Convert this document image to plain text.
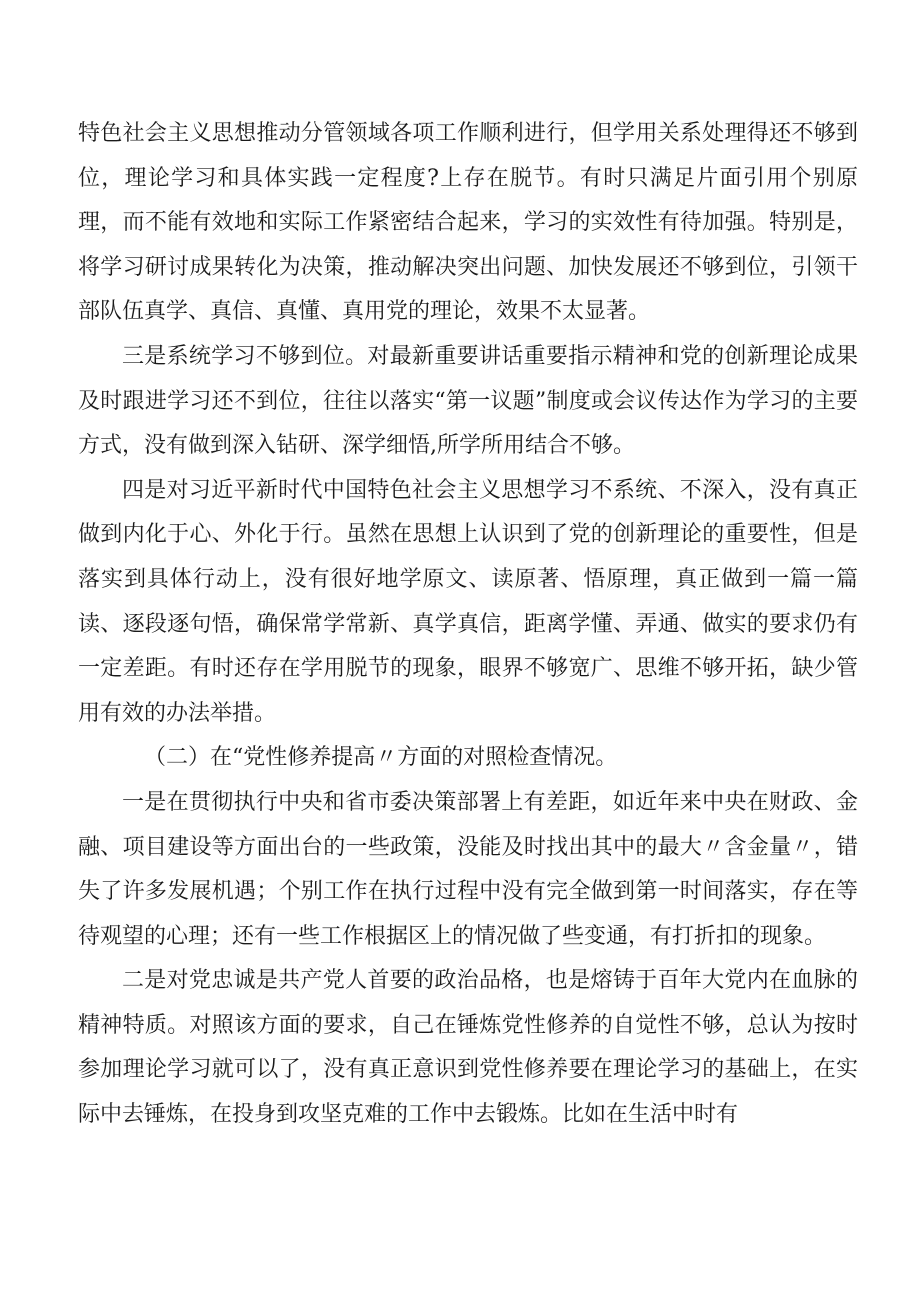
特色社会主义思想推动分管领域各项工作顺利进行，但学用关系处理得还不够到位，理论学习和具体实践一定程度?上存在脱节。有时只满足片面引用个别原理，而不能有效地和实际工作紧密结合起来，学习的实效性有待加强。特别是，将学习研讨成果转化为决策，推动解决突出问题、加快发展还不够到位，引领干部队伍真学、真信、真懂、真用党的理论，效果不太显著。

三是系统学习不够到位。对最新重要讲话重要指示精神和党的创新理论成果及时跟进学习还不到位，往往以落实“第一议题”制度或会议传达作为学习的主要方式，没有做到深入钻研、深学细悟,所学所用结合不够。

四是对习近平新时代中国特色社会主义思想学习不系统、不深入，没有真正做到内化于心、外化于行。虽然在思想上认识到了党的创新理论的重要性，但是落实到具体行动上，没有很好地学原文、读原著、悟原理，真正做到一篇一篇读、逐段逐句悟，确保常学常新、真学真信，距离学懂、弄通、做实的要求仍有一定差距。有时还存在学用脱节的现象，眼界不够宽广、思维不够开拓，缺少管用有效的办法举措。

（二）在“党性修养提高〃方面的对照检查情况。

一是在贯彻执行中央和省市委决策部署上有差距，如近年来中央在财政、金融、项目建设等方面出台的一些政策，没能及时找出其中的最大〃含金量〃，错失了许多发展机遇；个别工作在执行过程中没有完全做到第一时间落实，存在等待观望的心理；还有一些工作根据区上的情况做了些变通，有打折扣的现象。

二是对党忠诚是共产党人首要的政治品格，也是熔铸于百年大党内在血脉的精神特质。对照该方面的要求，自己在锤炼党性修养的自觉性不够，总认为按时参加理论学习就可以了，没有真正意识到党性修养要在理论学习的基础上，在实际中去锤炼，在投身到攻坚克难的工作中去锻炼。比如在生活中时有
